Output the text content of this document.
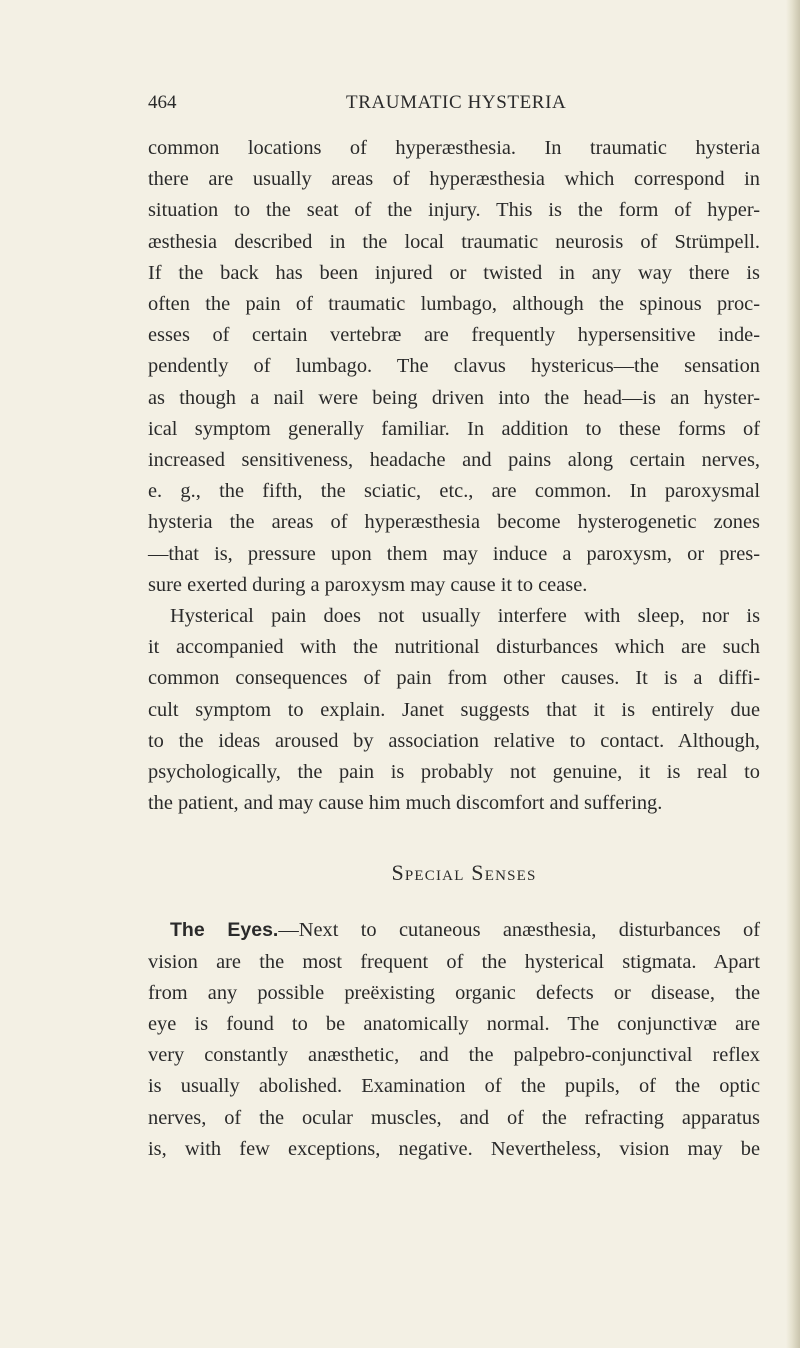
464	TRAUMATIC HYSTERIA
common locations of hyperæsthesia. In traumatic hysteria
there are usually areas of hyperæsthesia which correspond in
situation to the seat of the injury. This is the form of hyper-
æsthesia described in the local traumatic neurosis of Strümpell.
If the back has been injured or twisted in any way there is
often the pain of traumatic lumbago, although the spinous proc-
esses of certain vertebræ are frequently hypersensitive inde-
pendently of lumbago. The clavus hystericus—the sensation
as though a nail were being driven into the head—is an hyster-
ical symptom generally familiar. In addition to these forms of
increased sensitiveness, headache and pains along certain nerves,
e. g., the fifth, the sciatic, etc., are common. In paroxysmal
hysteria the areas of hyperæsthesia become hysterogenetic zones
—that is, pressure upon them may induce a paroxysm, or pres-
sure exerted during a paroxysm may cause it to cease.
Hysterical pain does not usually interfere with sleep, nor is
it accompanied with the nutritional disturbances which are such
common consequences of pain from other causes. It is a diffi-
cult symptom to explain. Janet suggests that it is entirely due
to the ideas aroused by association relative to contact. Although,
psychologically, the pain is probably not genuine, it is real to
the patient, and may cause him much discomfort and suffering.
Special Senses
The Eyes.—Next to cutaneous anæsthesia, disturbances of
vision are the most frequent of the hysterical stigmata. Apart
from any possible preëxisting organic defects or disease, the
eye is found to be anatomically normal. The conjunctivæ are
very constantly anæsthetic, and the palpebro-conjunctival reflex
is usually abolished. Examination of the pupils, of the optic
nerves, of the ocular muscles, and of the refracting apparatus
is, with few exceptions, negative. Nevertheless, vision may be
